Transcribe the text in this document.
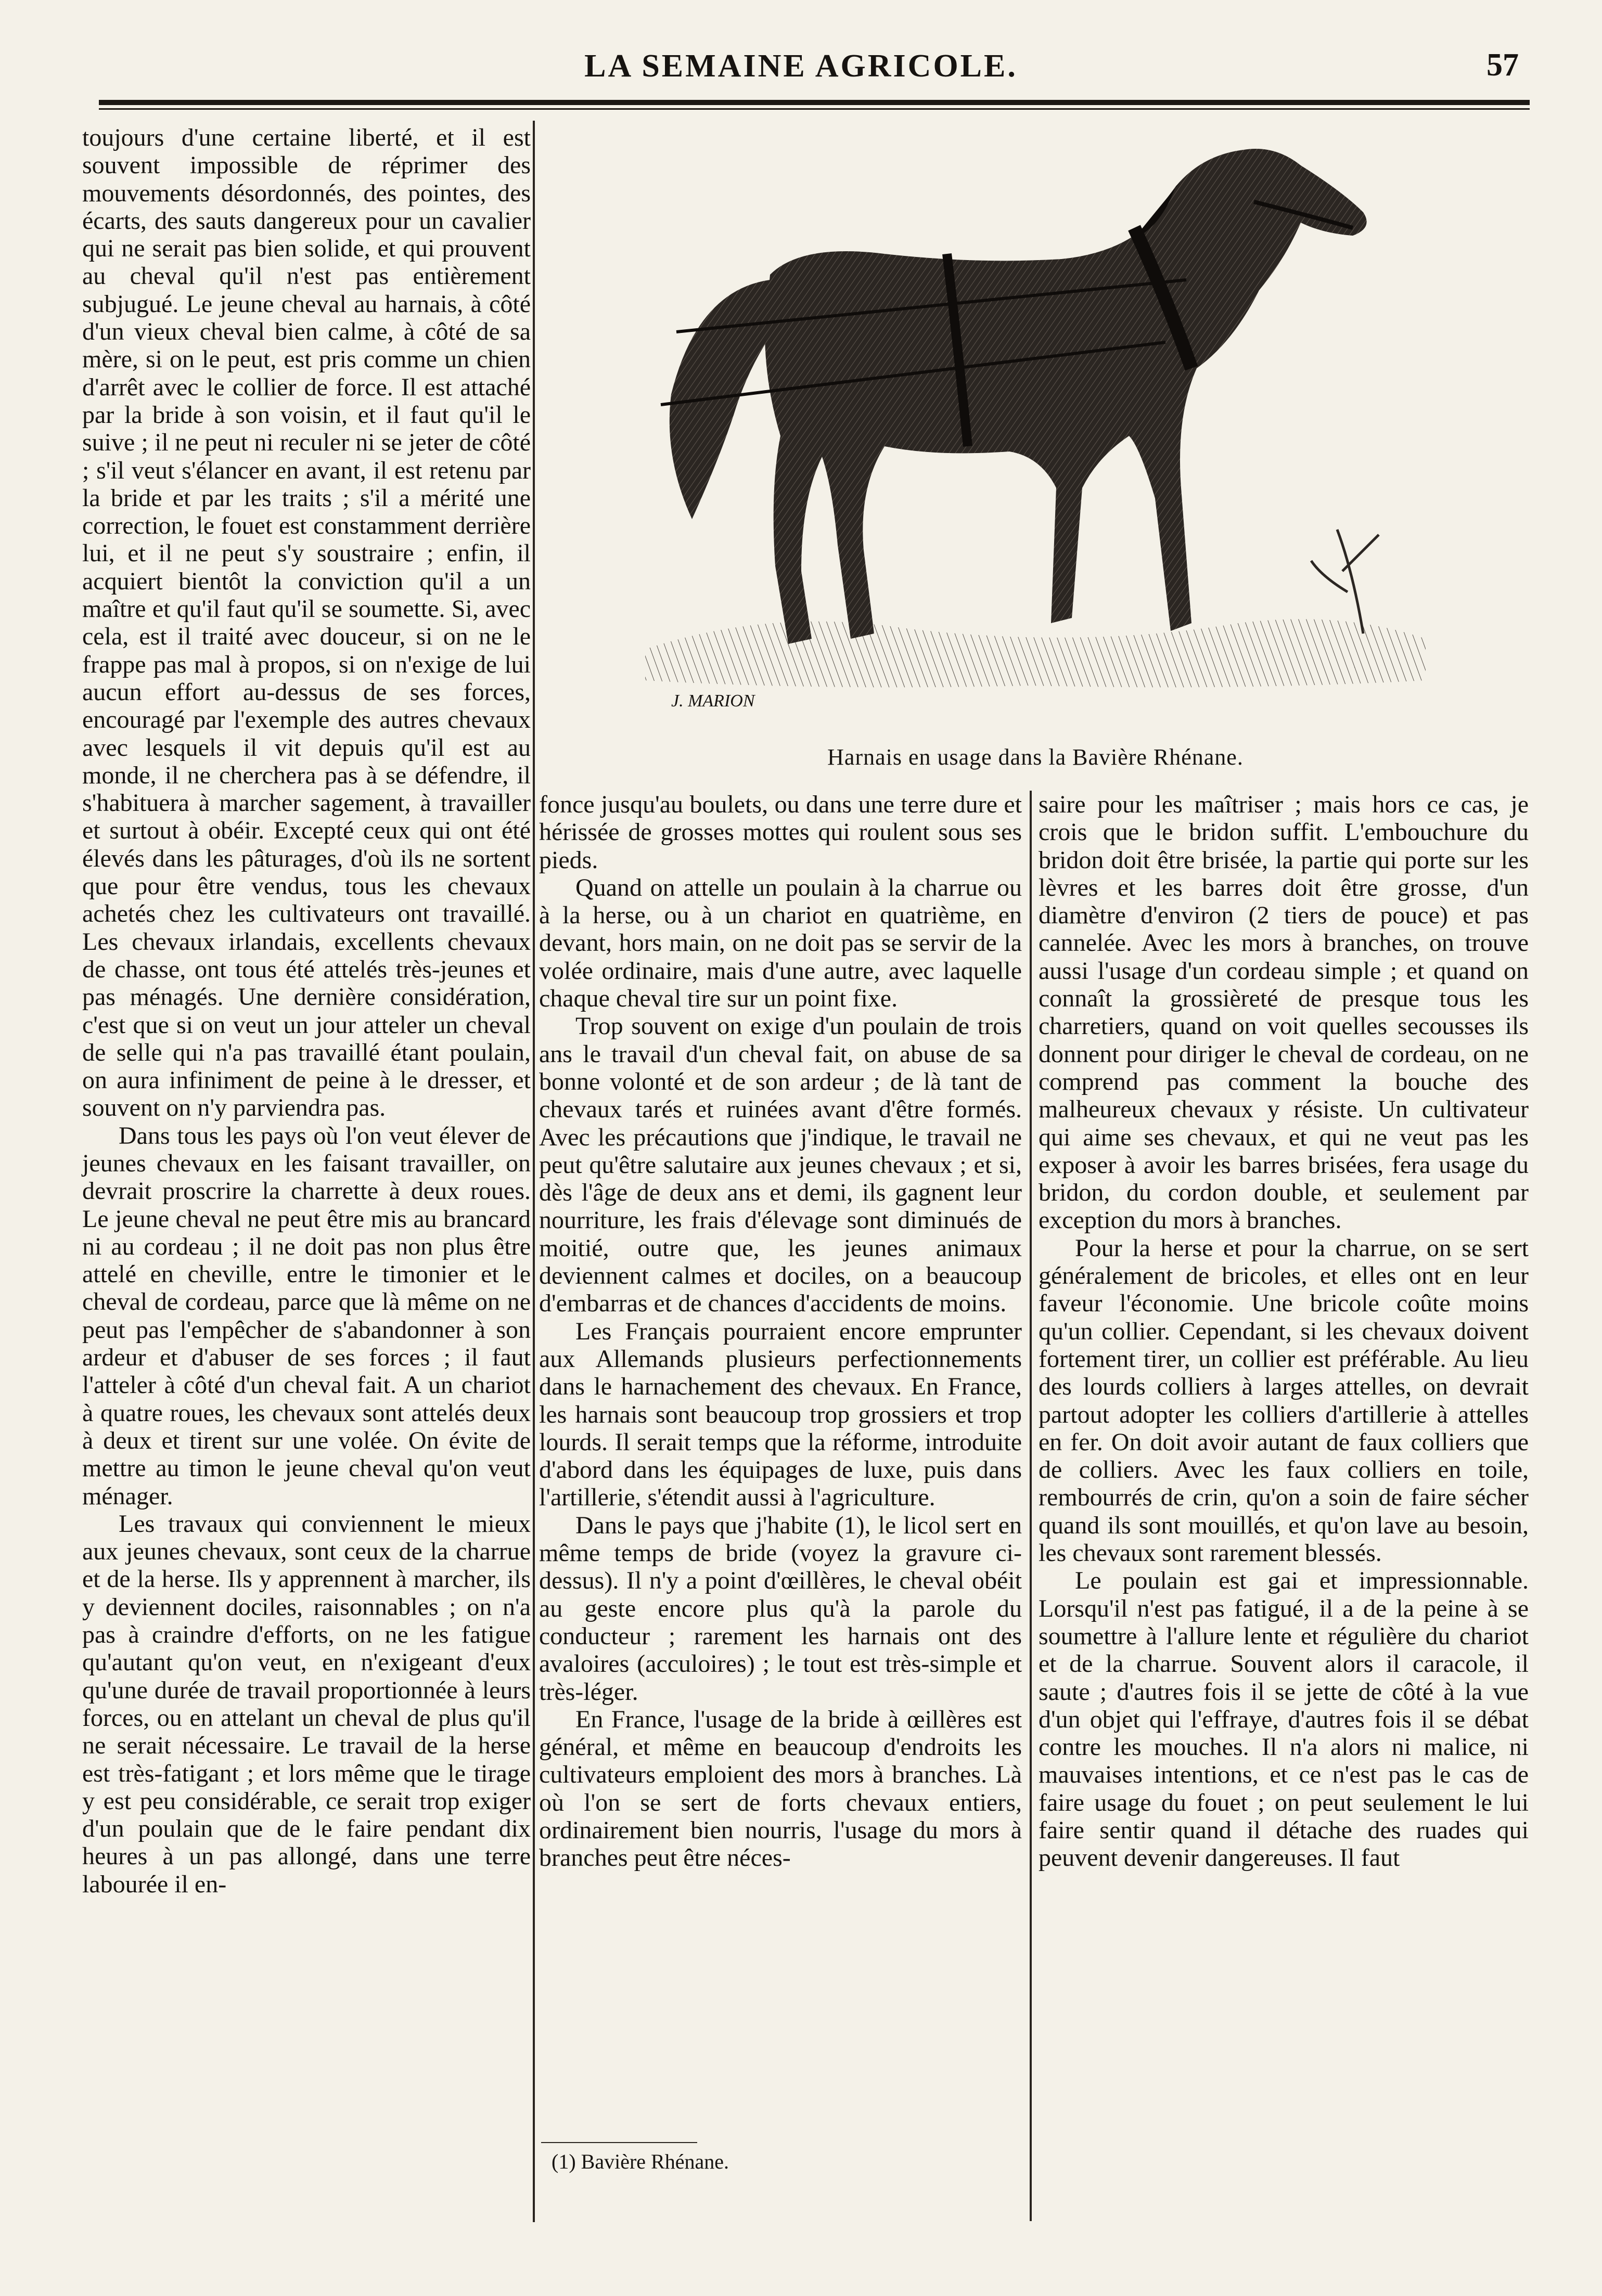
LA SEMAINE AGRICOLE.	57

toujours d'une certaine liberté, et il est souvent impossible de réprimer des mouvements désordonnés, des pointes, des écarts, des sauts dangereux pour un cavalier qui ne serait pas bien solide, et qui prouvent au cheval qu'il n'est pas entièrement subjugué. Le jeune cheval au harnais, à côté d'un vieux cheval bien calme, à côté de sa mère, si on le peut, est pris comme un chien d'arrêt avec le collier de force. Il est attaché par la bride à son voisin, et il faut qu'il le suive ; il ne peut ni reculer ni se jeter de côté ; s'il veut s'élancer en avant, il est retenu par la bride et par les traits ; s'il a mérité une correction, le fouet est constamment derrière lui, et il ne peut s'y soustraire ; enfin, il acquiert bientôt la conviction qu'il a un maître et qu'il faut qu'il se soumette. Si, avec cela, est il traité avec douceur, si on ne le frappe pas mal à propos, si on n'exige de lui aucun effort au-dessus de ses forces, encouragé par l'exemple des autres chevaux avec lesquels il vit depuis qu'il est au monde, il ne cherchera pas à se défendre, il s'habituera à marcher sagement, à travailler et surtout à obéir. Excepté ceux qui ont été élevés dans les pâturages, d'où ils ne sortent que pour être vendus, tous les chevaux achetés chez les cultivateurs ont travaillé. Les chevaux irlandais, excellents chevaux de chasse, ont tous été attelés très-jeunes et pas ménagés. Une dernière considération, c'est que si on veut un jour atteler un cheval de selle qui n'a pas travaillé étant poulain, on aura infiniment de peine à le dresser, et souvent on n'y parviendra pas.

Dans tous les pays où l'on veut élever de jeunes chevaux en les faisant travailler, on devrait proscrire la charrette à deux roues. Le jeune cheval ne peut être mis au brancard ni au cordeau ; il ne doit pas non plus être attelé en cheville, entre le timonier et le cheval de cordeau, parce que là même on ne peut pas l'empêcher de s'abandonner à son ardeur et d'abuser de ses forces ; il faut l'atteler à côté d'un cheval fait. A un chariot à quatre roues, les chevaux sont attelés deux à deux et tirent sur une volée. On évite de mettre au timon le jeune cheval qu'on veut ménager.

Les travaux qui conviennent le mieux aux jeunes chevaux, sont ceux de la charrue et de la herse. Ils y apprennent à marcher, ils y deviennent dociles, raisonnables ; on n'a pas à craindre d'efforts, on ne les fatigue qu'autant qu'on veut, en n'exigeant d'eux qu'une durée de travail proportionnée à leurs forces, ou en attelant un cheval de plus qu'il ne serait nécessaire. Le travail de la herse est très-fatigant ; et lors même que le tirage y est peu considérable, ce serait trop exiger d'un poulain que de le faire pendant dix heures à un pas allongé, dans une terre labourée il en-

J. MARION
Harnais en usage dans la Bavière Rhénane.

fonce jusqu'au boulets, ou dans une terre dure et hérissée de grosses mottes qui roulent sous ses pieds.

Quand on attelle un poulain à la charrue ou à la herse, ou à un chariot en quatrième, en devant, hors main, on ne doit pas se servir de la volée ordinaire, mais d'une autre, avec laquelle chaque cheval tire sur un point fixe.

Trop souvent on exige d'un poulain de trois ans le travail d'un cheval fait, on abuse de sa bonne volonté et de son ardeur ; de là tant de chevaux tarés et ruinées avant d'être formés. Avec les précautions que j'indique, le travail ne peut qu'être salutaire aux jeunes chevaux ; et si, dès l'âge de deux ans et demi, ils gagnent leur nourriture, les frais d'élevage sont diminués de moitié, outre que, les jeunes animaux deviennent calmes et dociles, on a beaucoup d'embarras et de chances d'accidents de moins.

Les Français pourraient encore emprunter aux Allemands plusieurs perfectionnements dans le harnachement des chevaux. En France, les harnais sont beaucoup trop grossiers et trop lourds. Il serait temps que la réforme, introduite d'abord dans les équipages de luxe, puis dans l'artillerie, s'étendit aussi à l'agriculture.

Dans le pays que j'habite (1), le licol sert en même temps de bride (voyez la gravure ci-dessus). Il n'y a point d'œillères, le cheval obéit au geste encore plus qu'à la parole du conducteur ; rarement les harnais ont des avaloires (acculoires) ; le tout est très-simple et très-léger.

En France, l'usage de la bride à œillères est général, et même en beaucoup d'endroits les cultivateurs emploient des mors à branches. Là où l'on se sert de forts chevaux entiers, ordinairement bien nourris, l'usage du mors à branches peut être néces-

(1) Bavière Rhénane.

saire pour les maîtriser ; mais hors ce cas, je crois que le bridon suffit. L'embouchure du bridon doit être brisée, la partie qui porte sur les lèvres et les barres doit être grosse, d'un diamètre d'environ (2 tiers de pouce) et pas cannelée. Avec les mors à branches, on trouve aussi l'usage d'un cordeau simple ; et quand on connaît la grossièreté de presque tous les charretiers, quand on voit quelles secousses ils donnent pour diriger le cheval de cordeau, on ne comprend pas comment la bouche des malheureux chevaux y résiste. Un cultivateur qui aime ses chevaux, et qui ne veut pas les exposer à avoir les barres brisées, fera usage du bridon, du cordon double, et seulement par exception du mors à branches.

Pour la herse et pour la charrue, on se sert généralement de bricoles, et elles ont en leur faveur l'économie. Une bricole coûte moins qu'un collier. Cependant, si les chevaux doivent fortement tirer, un collier est préférable. Au lieu des lourds colliers à larges attelles, on devrait partout adopter les colliers d'artillerie à attelles en fer. On doit avoir autant de faux colliers que de colliers. Avec les faux colliers en toile, rembourrés de crin, qu'on a soin de faire sécher quand ils sont mouillés, et qu'on lave au besoin, les chevaux sont rarement blessés.

Le poulain est gai et impressionnable. Lorsqu'il n'est pas fatigué, il a de la peine à se soumettre à l'allure lente et régulière du chariot et de la charrue. Souvent alors il caracole, il saute ; d'autres fois il se jette de côté à la vue d'un objet qui l'effraye, d'autres fois il se débat contre les mouches. Il n'a alors ni malice, ni mauvaises intentions, et ce n'est pas le cas de faire usage du fouet ; on peut seulement le lui faire sentir quand il détache des ruades qui peuvent devenir dangereuses. Il faut
